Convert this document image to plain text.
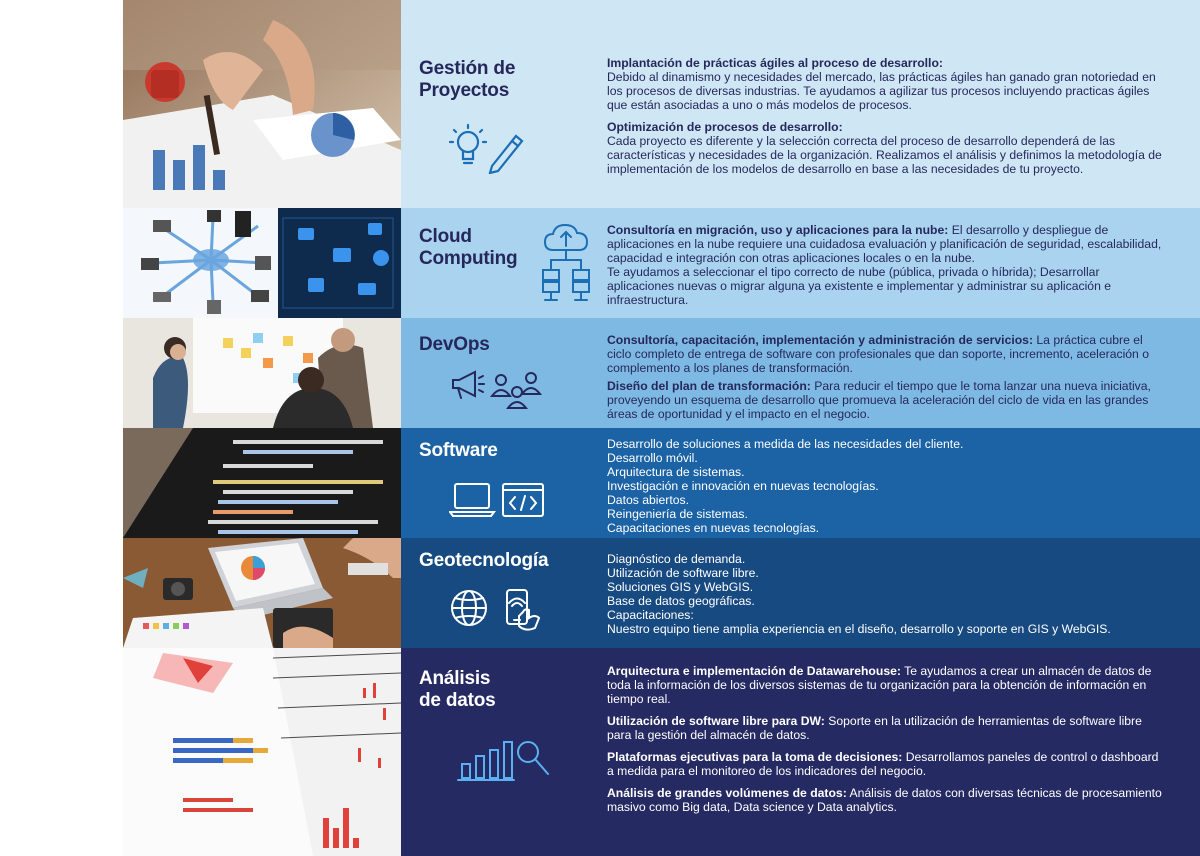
Gestión de
Proyectos

Implantación de prácticas ágiles al proceso de desarrollo:
Debido al dinamismo y necesidades del mercado, las prácticas ágiles han ganado gran notoriedad en los procesos de diversas industrias. Te ayudamos a agilizar tus procesos incluyendo practicas ágiles que están asociadas a uno o más modelos de procesos.

Optimización de procesos de desarrollo:
Cada proyecto es diferente y la selección correcta del proceso de desarrollo dependerá de las características y necesidades de la organización. Realizamos el análisis y definimos la metodología de implementación de los modelos de desarrollo en base a las necesidades de tu proyecto.

Cloud
Computing

Consultoría en migración, uso y aplicaciones para la nube: El desarrollo y despliegue de aplicaciones en la nube requiere una cuidadosa evaluación y planificación de seguridad, escalabilidad, capacidad e integración con otras aplicaciones locales o en la nube.

Te ayudamos a seleccionar el tipo correcto de nube (pública, privada o híbrida); Desarrollar aplicaciones nuevas o migrar alguna ya existente e implementar y administrar su aplicación e infraestructura.

DevOps	Consultoría, capacitación, implementación y administración de servicios: La práctica cubre el ciclo completo de entrega de software con profesionales que dan soporte, incremento, aceleración o complemento a los planes de transformación.

Diseño del plan de transformación: Para reducir el tiempo que le toma lanzar una nueva iniciativa, proveyendo un esquema de desarrollo que promueva la aceleración del ciclo de vida en las grandes áreas de oportunidad y el impacto en el negocio.

Software	Desarrollo de soluciones a medida de las necesidades del cliente.
Desarrollo móvil.
Arquitectura de sistemas.
Investigación e innovación en nuevas tecnologías.
Datos abiertos.
Reingeniería de sistemas.
Capacitaciones en nuevas tecnologías.
Geotecnología	Diagnóstico de demanda.
Utilización de software libre.
Soluciones GIS y WebGIS.
Base de datos geográficas.
Capacitaciones:
Nuestro equipo tiene amplia experiencia en el diseño, desarrollo y soporte en GIS y WebGIS.
Análisis
de datos

Arquitectura e implementación de Datawarehouse: Te ayudamos a crear un almacén de datos de toda la información de los diversos sistemas de tu organización para la obtención de información en tiempo real.

Utilización de software libre para DW: Soporte en la utilización de herramientas de software libre para la gestión del almacén de datos.

Plataformas ejecutivas para la toma de decisiones: Desarrollamos paneles de control o dashboard a medida para el monitoreo de los indicadores del negocio.

Análisis de grandes volúmenes de datos: Análisis de datos con diversas técnicas de procesamiento masivo como Big data, Data science y Data analytics.
